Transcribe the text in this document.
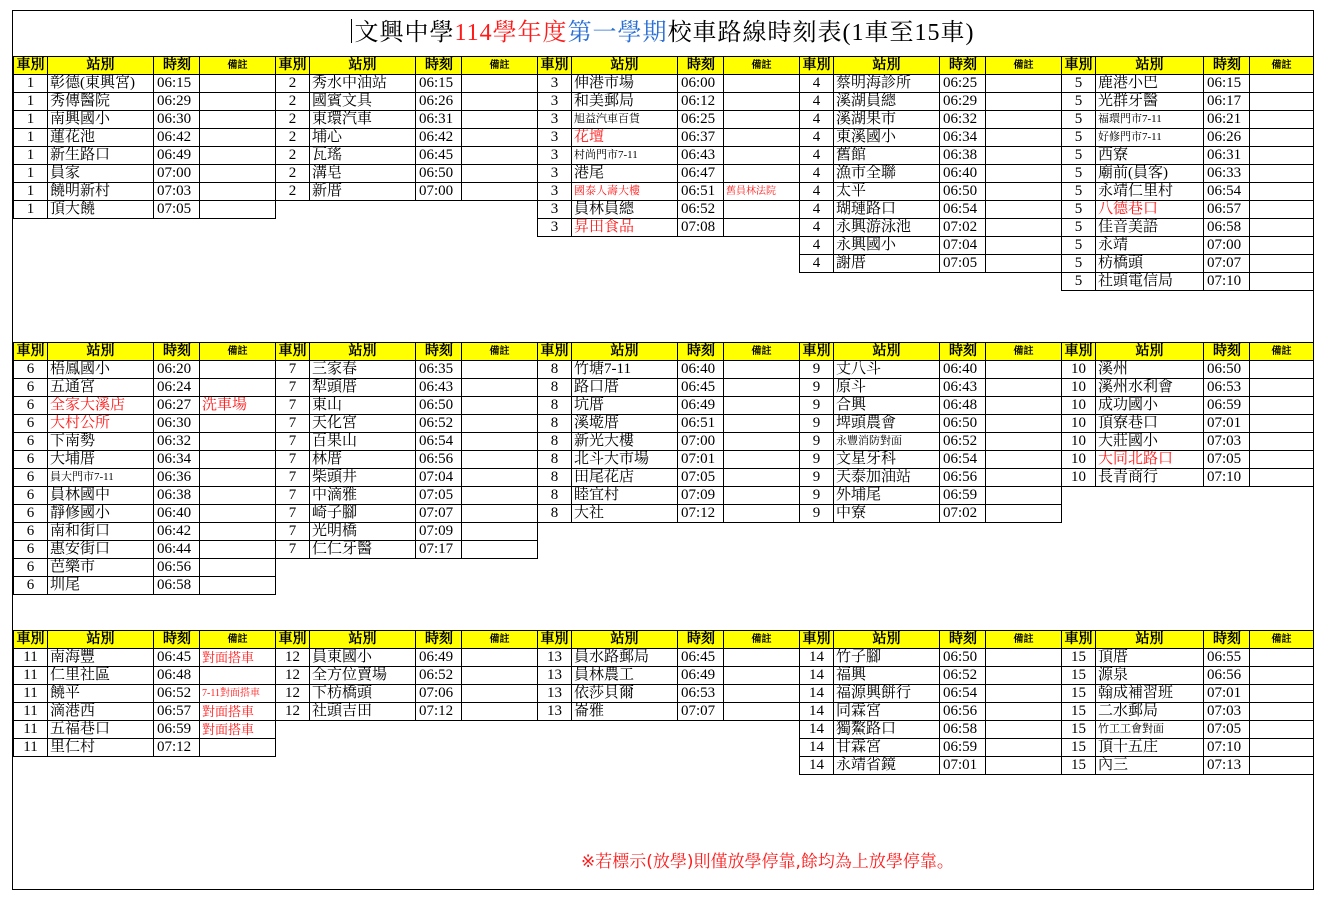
文興中學114學年度第一學期校車路線時刻表(1車至15車)
車別	站別	時刻	備註
1	彰德(東興宮)	06:15	
1	秀傳醫院	06:29	
1	南興國小	06:30	
1	蓮花池	06:42	
1	新生路口	06:49	
1	員家	07:00	
1	饒明新村	07:03	
1	頂大饒	07:05	
車別	站別	時刻	備註
2	秀水中油站	06:15	
2	國賓文具	06:26	
2	東環汽車	06:31	
2	埔心	06:42	
2	瓦瑤	06:45	
2	溝皂	06:50	
2	新厝	07:00	
車別	站別	時刻	備註
3	伸港市場	06:00	
3	和美郵局	06:12	
3	旭益汽車百貨	06:25	
3	花壇	06:37	
3	村尚門市7-11	06:43	
3	港尾	06:47	
3	國泰人壽大樓	06:51	舊員林法院
3	員林員總	06:52	
3	昇田食品	07:08	
車別	站別	時刻	備註
4	蔡明海診所	06:25	
4	溪湖員總	06:29	
4	溪湖果市	06:32	
4	東溪國小	06:34	
4	舊館	06:38	
4	漁市全聯	06:40	
4	太平	06:50	
4	瑚璉路口	06:54	
4	永興游泳池	07:02	
4	永興國小	07:04	
4	謝厝	07:05	
車別	站別	時刻	備註
5	鹿港小巴	06:15	
5	光群牙醫	06:17	
5	福環門市7-11	06:21	
5	好修門市7-11	06:26	
5	西寮	06:31	
5	廟前(員客)	06:33	
5	永靖仁里村	06:54	
5	八德巷口	06:57	
5	佳音美語	06:58	
5	永靖	07:00	
5	枋橋頭	07:07	
5	社頭電信局	07:10	
車別	站別	時刻	備註
6	梧鳳國小	06:20	
6	五通宮	06:24	
6	全家大溪店	06:27	洗車場
6	大村公所	06:30	
6	下南勢	06:32	
6	大埔厝	06:34	
6	員大門市7-11	06:36	
6	員林國中	06:38	
6	靜修國小	06:40	
6	南和街口	06:42	
6	惠安街口	06:44	
6	芭樂市	06:56	
6	圳尾	06:58	
車別	站別	時刻	備註
7	三家春	06:35	
7	犁頭厝	06:43	
7	東山	06:50	
7	天化宮	06:52	
7	百果山	06:54	
7	林厝	06:56	
7	柴頭井	07:04	
7	中滴雅	07:05	
7	崎子腳	07:07	
7	光明橋	07:09	
7	仁仁牙醫	07:17	
車別	站別	時刻	備註
8	竹塘7-11	06:40	
8	路口厝	06:45	
8	坑厝	06:49	
8	溪墘厝	06:51	
8	新光大樓	07:00	
8	北斗大市場	07:01	
8	田尾花店	07:05	
8	睦宜村	07:09	
8	大社	07:12	
車別	站別	時刻	備註
9	丈八斗	06:40	
9	原斗	06:43	
9	合興	06:48	
9	埤頭農會	06:50	
9	永豐消防對面	06:52	
9	文星牙科	06:54	
9	天泰加油站	06:56	
9	外埔尾	06:59	
9	中寮	07:02	
車別	站別	時刻	備註
10	溪州	06:50	
10	溪州水利會	06:53	
10	成功國小	06:59	
10	頂寮巷口	07:01	
10	大莊國小	07:03	
10	大同北路口	07:05	
10	長青商行	07:10	
車別	站別	時刻	備註
11	南海豐	06:45	對面搭車
11	仁里社區	06:48	
11	饒平	06:52	7-11對面搭車
11	滴港西	06:57	對面搭車
11	五福巷口	06:59	對面搭車
11	里仁村	07:12	
車別	站別	時刻	備註
12	員東國小	06:49	
12	全方位賣場	06:52	
12	下枋橋頭	07:06	
12	社頭吉田	07:12	
車別	站別	時刻	備註
13	員水路郵局	06:45	
13	員林農工	06:49	
13	依莎貝爾	06:53	
13	崙雅	07:07	
車別	站別	時刻	備註
14	竹子腳	06:50	
14	福興	06:52	
14	福源興餅行	06:54	
14	同霖宮	06:56	
14	獨鰲路口	06:58	
14	甘霖宮	06:59	
14	永靖省鏡	07:01	
車別	站別	時刻	備註
15	頂厝	06:55	
15	源泉	06:56	
15	翰成補習班	07:01	
15	二水郵局	07:03	
15	竹工工會對面	07:05	
15	頂十五庄	07:10	
15	內三	07:13	
※若標示(放學)則僅放學停靠,餘均為上放學停靠。
